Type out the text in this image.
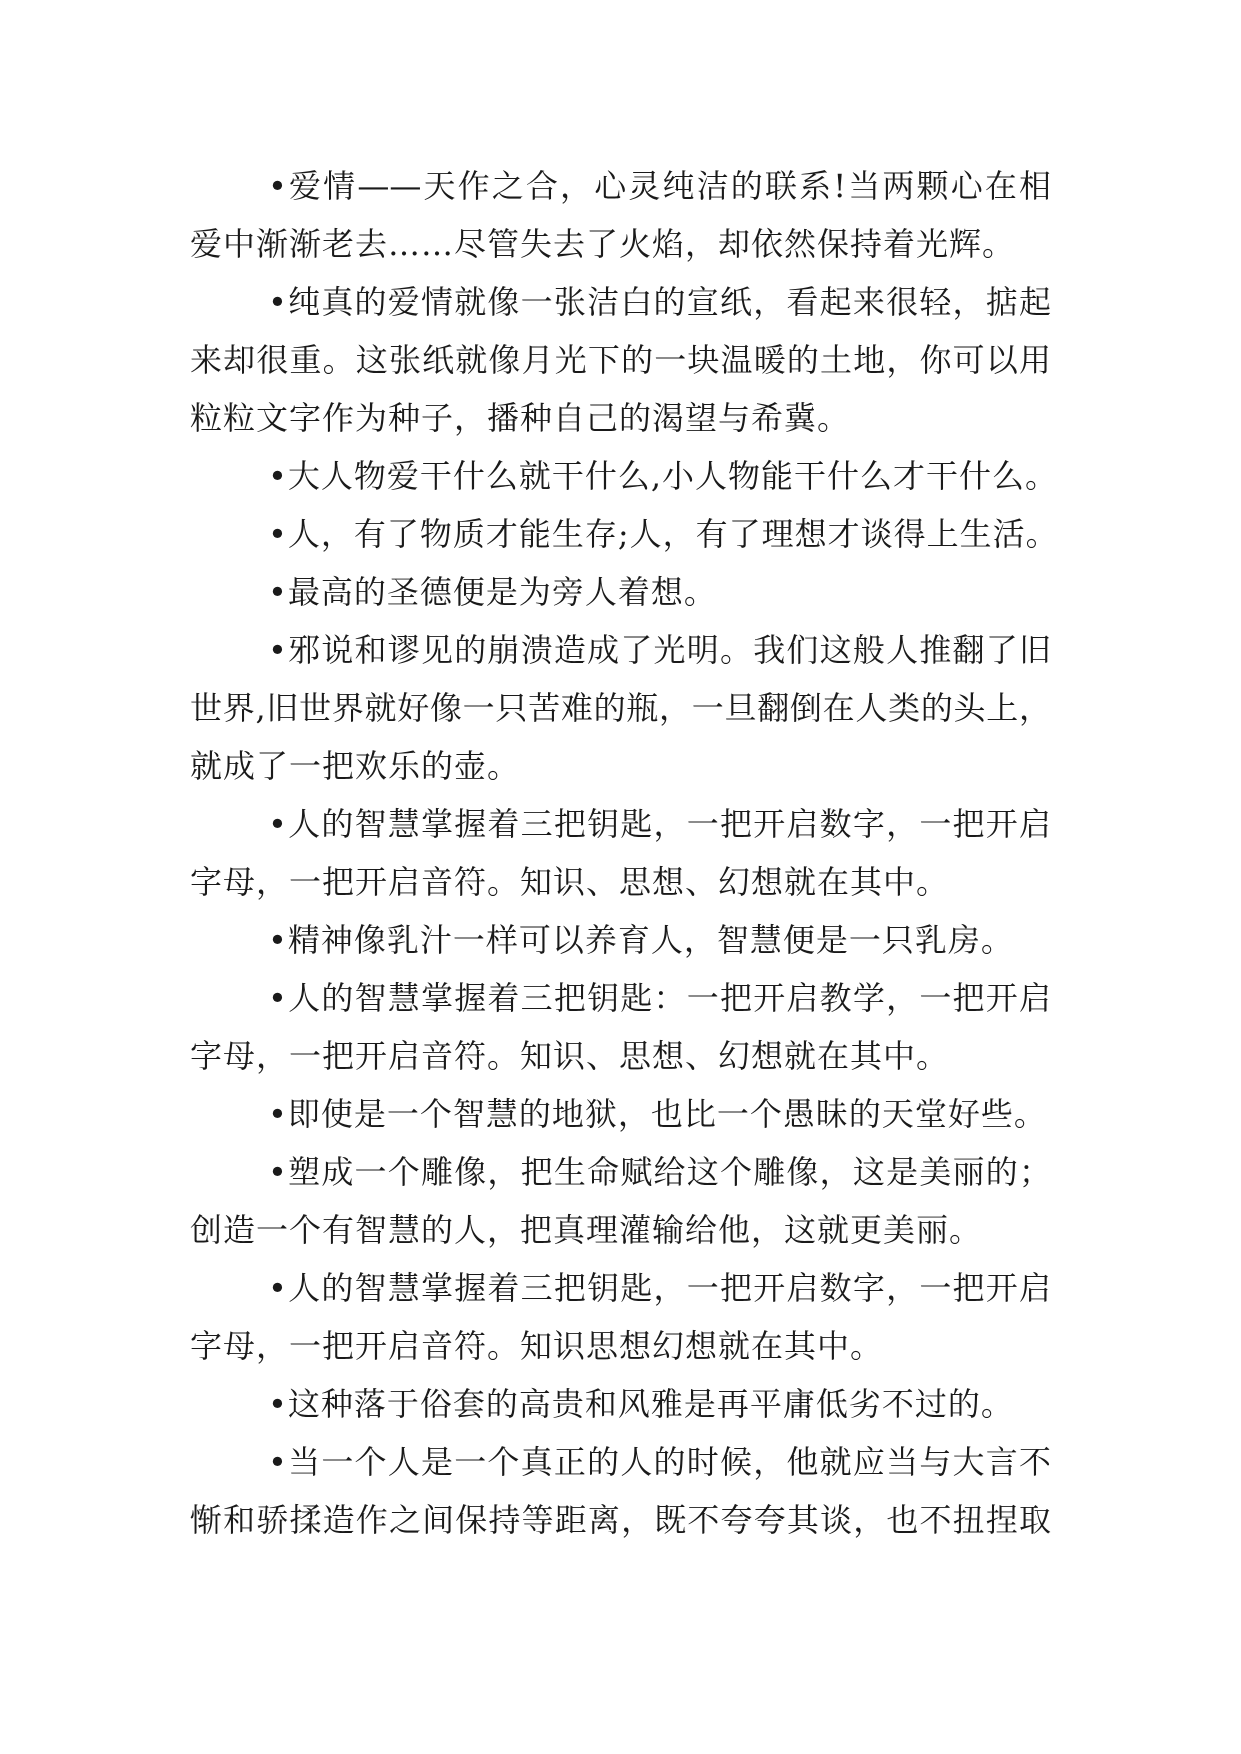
•爱情——天作之合，心灵纯洁的联系!当两颗心在相
爱中渐渐老去……尽管失去了火焰，却依然保持着光辉。
•纯真的爱情就像一张洁白的宣纸，看起来很轻，掂起
来却很重。这张纸就像月光下的一块温暖的土地，你可以用
粒粒文字作为种子，播种自己的渴望与希冀。
•大人物爱干什么就干什么,小人物能干什么才干什么。
•人，有了物质才能生存;人，有了理想才谈得上生活。
•最高的圣德便是为旁人着想。
•邪说和谬见的崩溃造成了光明。我们这般人推翻了旧
世界,旧世界就好像一只苦难的瓶，一旦翻倒在人类的头上，
就成了一把欢乐的壶。
•人的智慧掌握着三把钥匙，一把开启数字，一把开启
字母，一把开启音符。知识、思想、幻想就在其中。
•精神像乳汁一样可以养育人，智慧便是一只乳房。
•人的智慧掌握着三把钥匙：一把开启教学，一把开启
字母，一把开启音符。知识、思想、幻想就在其中。
•即使是一个智慧的地狱，也比一个愚昧的天堂好些。
•塑成一个雕像，把生命赋给这个雕像，这是美丽的；
创造一个有智慧的人，把真理灌输给他，这就更美丽。
•人的智慧掌握着三把钥匙，一把开启数字，一把开启
字母，一把开启音符。知识思想幻想就在其中。
•这种落于俗套的高贵和风雅是再平庸低劣不过的。
•当一个人是一个真正的人的时候，他就应当与大言不
惭和骄揉造作之间保持等距离，既不夸夸其谈，也不扭捏取
